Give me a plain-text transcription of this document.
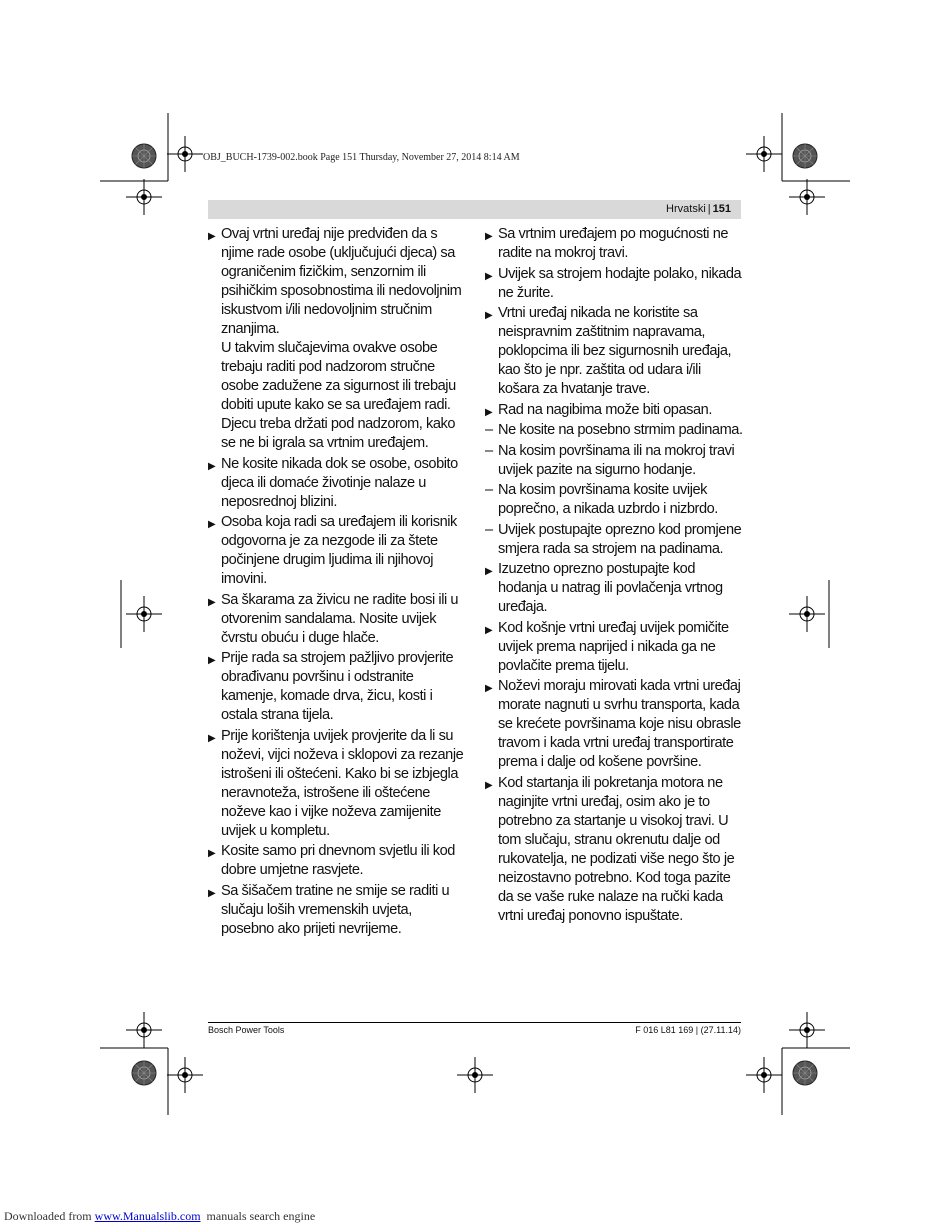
OBJ_BUCH-1739-002.book Page 151 Thursday, November 27, 2014 8:14 AM
Hrvatski | 151
▶ Ovaj vrtni uređaj nije predviđen da s njime rade osobe (uključujući djeca) sa ograničenim fizičkim, senzornim ili psihičkim sposobnostima ili nedovoljnim iskustvom i/ili nedovoljnim stručnim znanjima.
U takvim slučajevima ovakve osobe trebaju raditi pod nadzorom stručne osobe zadužene za sigurnost ili trebaju dobiti upute kako se sa uređajem radi.
Djecu treba držati pod nadzorom, kako se ne bi igrala sa vrtnim uređajem.
▶ Ne kosite nikada dok se osobe, osobito djeca ili domaće životinje nalaze u neposrednoj blizini.
▶ Osoba koja radi sa uređajem ili korisnik odgovorna je za nezgode ili za štete počinjene drugim ljudima ili njihovoj imovini.
▶ Sa škarama za živicu ne radite bosi ili u otvorenim sandalama. Nosite uvijek čvrstu obuću i duge hlače.
▶ Prije rada sa strojem pažljivo provjerite obrađivanu površinu i odstranite kamenje, komade drva, žicu, kosti i ostala strana tijela.
▶ Prije korištenja uvijek provjerite da li su noževi, vijci noževa i sklopovi za rezanje istrošeni ili oštećeni. Kako bi se izbjegla neravnoteža, istrošene ili oštećene noževe kao i vijke noževa zamijenite uvijek u kompletu.
▶ Kosite samo pri dnevnom svjetlu ili kod dobre umjetne rasvjete.
▶ Sa šišačem tratine ne smije se raditi u slučaju loših vremenskih uvjeta, posebno ako prijeti nevrijeme.
▶ Sa vrtnim uređajem po mogućnosti ne radite na mokroj travi.
▶ Uvijek sa strojem hodajte polako, nikada ne žurite.
▶ Vrtni uređaj nikada ne koristite sa neispravnim zaštitnim napravama, poklopcima ili bez sigurnosnih uređaja, kao što je npr. zaštita od udara i/ili košara za hvatanje trave.
▶ Rad na nagibima može biti opasan.
– Ne kosite na posebno strmim padinama.
– Na kosim površinama ili na mokroj travi uvijek pazite na sigurno hodanje.
– Na kosim površinama kosite uvijek poprečno, a nikada uzbrdo i nizbrdo.
– Uvijek postupajte oprezno kod promjene smjera rada sa strojem na padinama.
▶ Izuzetno oprezno postupajte kod hodanja u natrag ili povlačenja vrtnog uređaja.
▶ Kod košnje vrtni uređaj uvijek pomičite uvijek prema naprijed i nikada ga ne povlačite prema tijelu.
▶ Noževi moraju mirovati kada vrtni uređaj morate nagnuti u svrhu transporta, kada se krećete površinama koje nisu obrasle travom i kada vrtni uređaj transportirate prema i dalje od košene površine.
▶ Kod startanja ili pokretanja motora ne naginjite vrtni uređaj, osim ako je to potrebno za startanje u visokoj travi. U tom slučaju, stranu okrenutu dalje od rukovatelja, ne podizati više nego što je neizostavno potrebno. Kod toga pazite da se vaše ruke nalaze na ručki kada vrtni uređaj ponovno ispuštate.
Bosch Power Tools	F 016 L81 169 | (27.11.14)
Downloaded from www.Manualslib.com  manuals search engine
